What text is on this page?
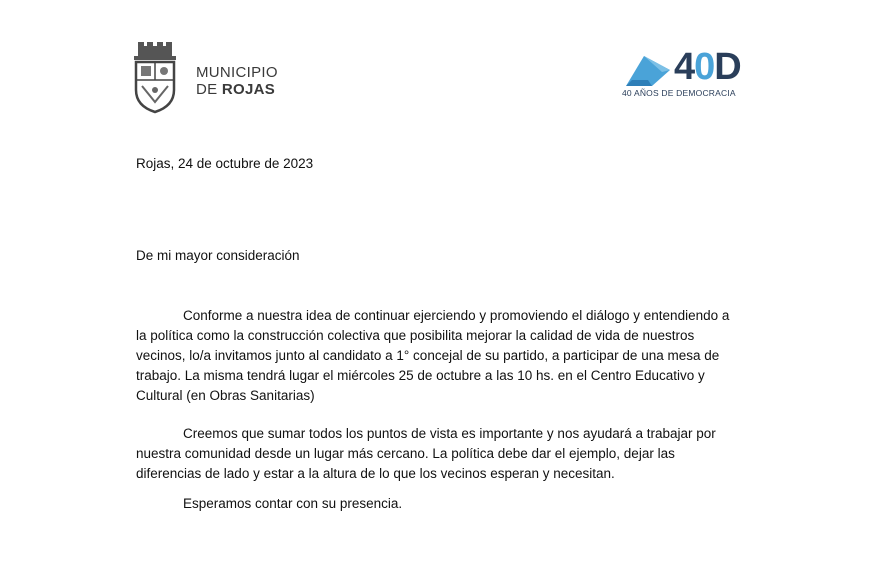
MUNICIPIO
DE ROJAS
40D
40 AÑOS DE DEMOCRACIA
Rojas, 24 de octubre de 2023
De mi mayor consideración
Conforme a nuestra idea de continuar ejerciendo y promoviendo el diálogo y entendiendo a la política como la construcción colectiva que posibilita mejorar la calidad de vida de nuestros vecinos, lo/a invitamos junto al candidato a 1° concejal de su partido, a participar de una mesa de trabajo. La misma tendrá lugar el miércoles 25 de octubre a las 10 hs. en el Centro Educativo y Cultural (en Obras Sanitarias)
Creemos que sumar todos los puntos de vista es importante y nos ayudará a trabajar por nuestra comunidad desde un lugar más cercano. La política debe dar el ejemplo, dejar las diferencias de lado y estar a la altura de lo que los vecinos esperan y necesitan.
Esperamos contar con su presencia.
